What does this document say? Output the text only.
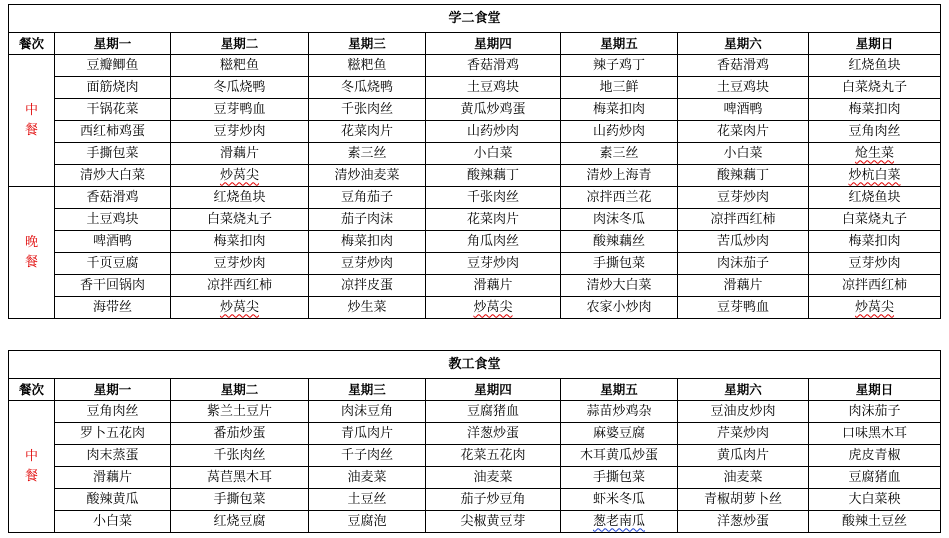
学二食堂							
餐次	星期一	星期二	星期三	星期四	星期五	星期六	星期日

中
餐	豆瓣鲫鱼	糍粑鱼	糍粑鱼	香菇滑鸡	辣子鸡丁	香菇滑鸡	红烧鱼块
	面筋烧肉	冬瓜烧鸭	冬瓜烧鸭	土豆鸡块	地三鲜	土豆鸡块	白菜烧丸子
	干锅花菜	豆芽鸭血	千张肉丝	黄瓜炒鸡蛋	梅菜扣肉	啤酒鸭	梅菜扣肉
	西红柿鸡蛋	豆芽炒肉	花菜肉片	山药炒肉	山药炒肉	花菜肉片	豆角肉丝
	手撕包菜	滑藕片	素三丝	小白菜	素三丝	小白菜	炝生菜
	清炒大白菜	炒莴尖	清炒油麦菜	酸辣藕丁	清炒上海青	酸辣藕丁	炒杭白菜

晚
餐	香菇滑鸡	红烧鱼块	豆角茄子	千张肉丝	凉拌西兰花	豆芽炒肉	红烧鱼块
	土豆鸡块	白菜烧丸子	茄子肉沫	花菜肉片	肉沫冬瓜	凉拌西红柿	白菜烧丸子
	啤酒鸭	梅菜扣肉	梅菜扣肉	角瓜肉丝	酸辣藕丝	苦瓜炒肉	梅菜扣肉
	千页豆腐	豆芽炒肉	豆芽炒肉	豆芽炒肉	手撕包菜	肉沫茄子	豆芽炒肉
	香干回锅肉	凉拌西红柿	凉拌皮蛋	滑藕片	清炒大白菜	滑藕片	凉拌西红柿
	海带丝	炒莴尖	炒生菜	炒莴尖	农家小炒肉	豆芽鸭血	炒莴尖
教工食堂							
餐次	星期一	星期二	星期三	星期四	星期五	星期六	星期日

中
餐	豆角肉丝	紫兰土豆片	肉沫豆角	豆腐猪血	蒜苗炒鸡杂	豆油皮炒肉	肉沫茄子
	罗卜五花肉	番茄炒蛋	青瓜肉片	洋葱炒蛋	麻婆豆腐	芹菜炒肉	口味黑木耳
	肉末蒸蛋	千张肉丝	千子肉丝	花菜五花肉	木耳黄瓜炒蛋	黄瓜肉片	虎皮青椒
	滑藕片	莴苣黑木耳	油麦菜	油麦菜	手撕包菜	油麦菜	豆腐猪血
	酸辣黄瓜	手撕包菜	土豆丝	茄子炒豆角	虾米冬瓜	青椒胡萝卜丝	大白菜秧
	小白菜	红烧豆腐	豆腐泡	尖椒黄豆芽	葱老南瓜	洋葱炒蛋	酸辣土豆丝
